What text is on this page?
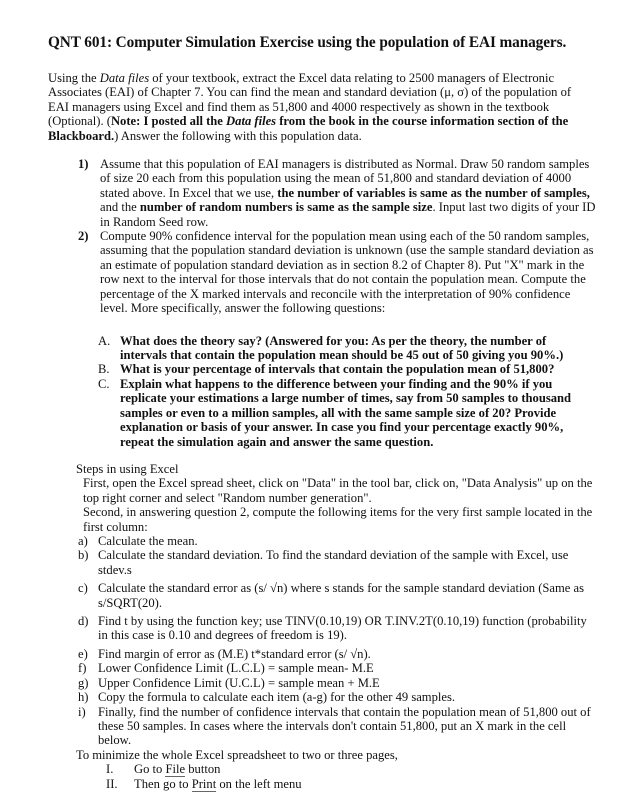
QNT 601: Computer Simulation Exercise using the population of EAI managers.

Using the Data files of your textbook, extract the Excel data relating to 2500 managers of Electronic Associates (EAI) of Chapter 7. You can find the mean and standard deviation (μ, σ) of the population of EAI managers using Excel and find them as 51,800 and 4000 respectively as shown in the textbook (Optional). (Note: I posted all the Data files from the book in the course information section of the Blackboard.) Answer the following with this population data.

1) Assume that this population of EAI managers is distributed as Normal. Draw 50 random samples of size 20 each from this population using the mean of 51,800 and standard deviation of 4000 stated above. In Excel that we use, the number of variables is same as the number of samples, and the number of random numbers is same as the sample size. Input last two digits of your ID in Random Seed row.
2) Compute 90% confidence interval for the population mean using each of the 50 random samples, assuming that the population standard deviation is unknown (use the sample standard deviation as an estimate of population standard deviation as in section 8.2 of Chapter 8). Put "X" mark in the row next to the interval for those intervals that do not contain the population mean. Compute the percentage of the X marked intervals and reconcile with the interpretation of 90% confidence level. More specifically, answer the following questions:
A. What does the theory say? (Answered for you: As per the theory, the number of intervals that contain the population mean should be 45 out of 50 giving you 90%.)
B. What is your percentage of intervals that contain the population mean of 51,800?
C. Explain what happens to the difference between your finding and the 90% if you replicate your estimations a large number of times, say from 50 samples to thousand samples or even to a million samples, all with the same sample size of 20? Provide explanation or basis of your answer. In case you find your percentage exactly 90%, repeat the simulation again and answer the same question.
Steps in using Excel
First, open the Excel spread sheet, click on "Data" in the tool bar, click on, "Data Analysis" up on the top right corner and select "Random number generation".
Second, in answering question 2, compute the following items for the very first sample located in the first column:
a) Calculate the mean.
b) Calculate the standard deviation. To find the standard deviation of the sample with Excel, use stdev.s
c) Calculate the standard error as (s/ √n) where s stands for the sample standard deviation (Same as s/SQRT(20).
d) Find t by using the function key; use TINV(0.10,19) OR T.INV.2T(0.10,19) function (probability in this case is 0.10 and degrees of freedom is 19).
e) Find margin of error as (M.E) t*standard error (s/ √n).
f) Lower Confidence Limit (L.C.L) = sample mean- M.E
g) Upper Confidence Limit (U.C.L) = sample mean + M.E
h) Copy the formula to calculate each item (a-g) for the other 49 samples.
i) Finally, find the number of confidence intervals that contain the population mean of 51,800 out of these 50 samples. In cases where the intervals don't contain 51,800, put an X mark in the cell below.
To minimize the whole Excel spreadsheet to two or three pages,
I. Go to File button
II. Then go to Print on the left menu
